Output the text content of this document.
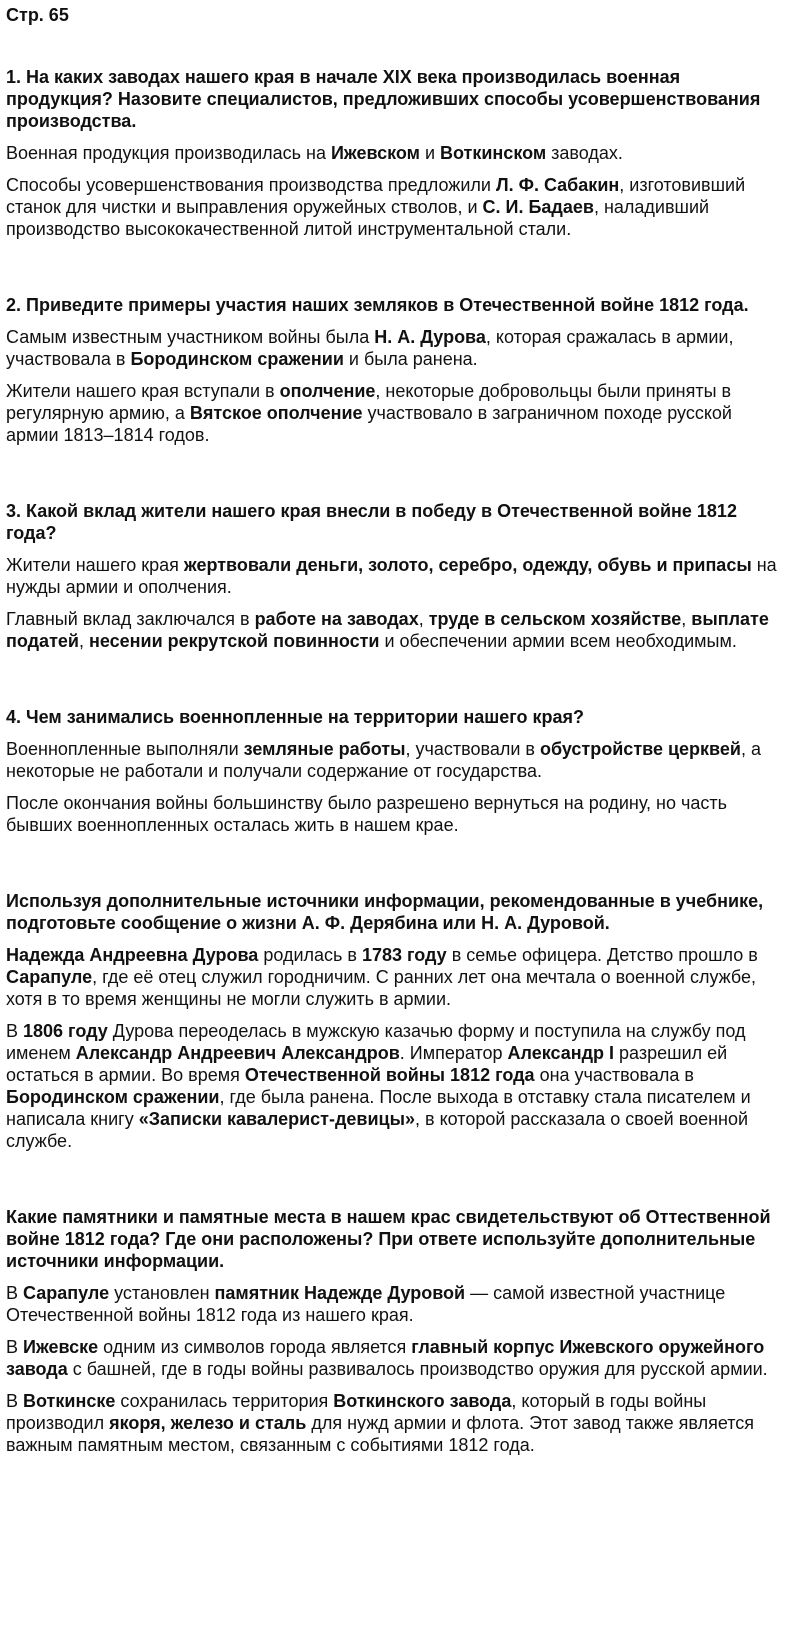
Стр. 65
1. На каких заводах нашего края в начале XIX века производилась военная продукция? Назовите специалистов, предложивших способы усовершенствования производства.

Военная продукция производилась на Ижевском и Воткинском заводах.

Способы усовершенствования производства предложили Л. Ф. Сабакин, изготовивший станок для чистки и выправления оружейных стволов, и С. И. Бадаев, наладивший производство высококачественной литой инструментальной стали.

2. Приведите примеры участия наших земляков в Отечественной войне 1812 года.

Самым известным участником войны была Н. А. Дурова, которая сражалась в армии, участвовала в Бородинском сражении и была ранена.

Жители нашего края вступали в ополчение, некоторые добровольцы были приняты в регулярную армию, а Вятское ополчение участвовало в заграничном походе русской армии 1813–1814 годов.

3. Какой вклад жители нашего края внесли в победу в Отечественной войне 1812 года?

Жители нашего края жертвовали деньги, золото, серебро, одежду, обувь и припасы на нужды армии и ополчения.

Главный вклад заключался в работе на заводах, труде в сельском хозяйстве, выплате податей, несении рекрутской повинности и обеспечении армии всем необходимым.

4. Чем занимались военнопленные на территории нашего края?

Военнопленные выполняли земляные работы, участвовали в обустройстве церквей, а некоторые не работали и получали содержание от государства.

После окончания войны большинству было разрешено вернуться на родину, но часть бывших военнопленных осталась жить в нашем крае.

Используя дополнительные источники информации, рекомендованные в учебнике, подготовьте сообщение о жизни А. Ф. Дерябина или Н. А. Дуровой.

Надежда Андреевна Дурова родилась в 1783 году в семье офицера. Детство прошло в Сарапуле, где её отец служил городничим. С ранних лет она мечтала о военной службе, хотя в то время женщины не могли служить в армии.

В 1806 году Дурова переоделась в мужскую казачью форму и поступила на службу под именем Александр Андреевич Александров. Император Александр I разрешил ей остаться в армии. Во время Отечественной войны 1812 года она участвовала в Бородинском сражении, где была ранена. После выхода в отставку стала писателем и написала книгу «Записки кавалерист-девицы», в которой рассказала о своей военной службе.

Какие памятники и памятные места в нашем крас свидетельствуют об Оттественной войне 1812 года? Где они расположены? При ответе используйте дополнительные источники информации.

В Сарапуле установлен памятник Надежде Дуровой — самой известной участнице Отечественной войны 1812 года из нашего края.

В Ижевске одним из символов города является главный корпус Ижевского оружейного завода с башней, где в годы войны развивалось производство оружия для русской армии.

В Воткинске сохранилась территория Воткинского завода, который в годы войны производил якоря, железо и сталь для нужд армии и флота. Этот завод также является важным памятным местом, связанным с событиями 1812 года.
